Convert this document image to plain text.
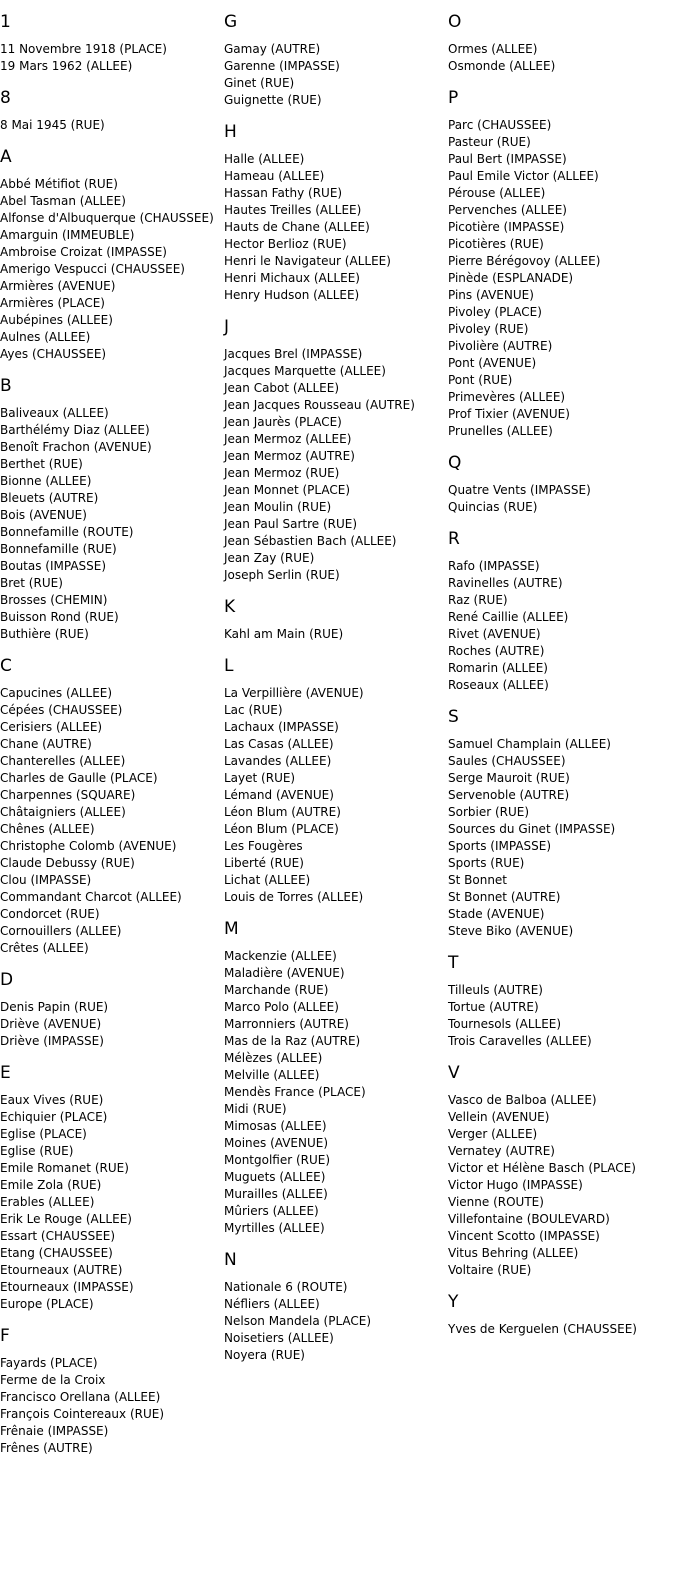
1
11 Novembre 1918 (PLACE)
19 Mars 1962 (ALLEE)
8
8 Mai 1945 (RUE)
A
Abbé Métifiot (RUE)
Abel Tasman (ALLEE)
Alfonse d'Albuquerque (CHAUSSEE)
Amarguin (IMMEUBLE)
Ambroise Croizat (IMPASSE)
Amerigo Vespucci (CHAUSSEE)
Armières (AVENUE)
Armières (PLACE)
Aubépines (ALLEE)
Aulnes (ALLEE)
Ayes (CHAUSSEE)
B
Baliveaux (ALLEE)
Barthélémy Diaz (ALLEE)
Benoît Frachon (AVENUE)
Berthet (RUE)
Bionne (ALLEE)
Bleuets (AUTRE)
Bois (AVENUE)
Bonnefamille (ROUTE)
Bonnefamille (RUE)
Boutas (IMPASSE)
Bret (RUE)
Brosses (CHEMIN)
Buisson Rond (RUE)
Buthière (RUE)
C
Capucines (ALLEE)
Cépées (CHAUSSEE)
Cerisiers (ALLEE)
Chane (AUTRE)
Chanterelles (ALLEE)
Charles de Gaulle (PLACE)
Charpennes (SQUARE)
Châtaigniers (ALLEE)
Chênes (ALLEE)
Christophe Colomb (AVENUE)
Claude Debussy (RUE)
Clou (IMPASSE)
Commandant Charcot (ALLEE)
Condorcet (RUE)
Cornouillers (ALLEE)
Crêtes (ALLEE)
D
Denis Papin (RUE)
Drièvе (AVENUE)
Drièvе (IMPASSE)
E
Eaux Vives (RUE)
Echiquier (PLACE)
Eglise (PLACE)
Eglise (RUE)
Emile Romanet (RUE)
Emile Zola (RUE)
Erables (ALLEE)
Erik Le Rouge (ALLEE)
Essart (CHAUSSEE)
Etang (CHAUSSEE)
Etourneaux (AUTRE)
Etourneaux (IMPASSE)
Europe (PLACE)
F
Fayards (PLACE)
Ferme de la Croix
Francisco Orellana (ALLEE)
François Cointereaux (RUE)
Frênaie (IMPASSE)
Frênes (AUTRE)
G
Gamay (AUTRE)
Garenne (IMPASSE)
Ginet (RUE)
Guignette (RUE)
H
Halle (ALLEE)
Hameau (ALLEE)
Hassan Fathy (RUE)
Hautes Treilles (ALLEE)
Hauts de Chane (ALLEE)
Hector Berlioz (RUE)
Henri le Navigateur (ALLEE)
Henri Michaux (ALLEE)
Henry Hudson (ALLEE)
J
Jacques Brel (IMPASSE)
Jacques Marquette (ALLEE)
Jean Cabot (ALLEE)
Jean Jacques Rousseau (AUTRE)
Jean Jaurès (PLACE)
Jean Mermoz (ALLEE)
Jean Mermoz (AUTRE)
Jean Mermoz (RUE)
Jean Monnet (PLACE)
Jean Moulin (RUE)
Jean Paul Sartre (RUE)
Jean Sébastien Bach (ALLEE)
Jean Zay (RUE)
Joseph Serlin (RUE)
K
Kahl am Main (RUE)
L
La Verpillière (AVENUE)
Lac (RUE)
Lachaux (IMPASSE)
Las Casas (ALLEE)
Lavandes (ALLEE)
Layet (RUE)
Lémand (AVENUE)
Léon Blum (AUTRE)
Léon Blum (PLACE)
Les Fougères
Liberté (RUE)
Lichat (ALLEE)
Louis de Torres (ALLEE)
M
Mackenzie (ALLEE)
Maladière (AVENUE)
Marchande (RUE)
Marco Polo (ALLEE)
Marronniers (AUTRE)
Mas de la Raz (AUTRE)
Mélèzes (ALLEE)
Melville (ALLEE)
Mendès France (PLACE)
Midi (RUE)
Mimosas (ALLEE)
Moines (AVENUE)
Montgolfier (RUE)
Muguets (ALLEE)
Murailles (ALLEE)
Mûriers (ALLEE)
Myrtilles (ALLEE)
N
Nationale 6 (ROUTE)
Néfliers (ALLEE)
Nelson Mandela (PLACE)
Noisetiers (ALLEE)
Noyera (RUE)
O
Ormes (ALLEE)
Osmonde (ALLEE)
P
Parc (CHAUSSEE)
Pasteur (RUE)
Paul Bert (IMPASSE)
Paul Emile Victor (ALLEE)
Pérouse (ALLEE)
Pervenches (ALLEE)
Picotière (IMPASSE)
Picotières (RUE)
Pierre Bérégovoy (ALLEE)
Pinède (ESPLANADE)
Pins (AVENUE)
Pivoley (PLACE)
Pivoley (RUE)
Pivolière (AUTRE)
Pont (AVENUE)
Pont (RUE)
Primevères (ALLEE)
Prof Tixier (AVENUE)
Prunelles (ALLEE)
Q
Quatre Vents (IMPASSE)
Quincias (RUE)
R
Rafo (IMPASSE)
Ravinelles (AUTRE)
Raz (RUE)
René Caillie (ALLEE)
Rivet (AVENUE)
Roches (AUTRE)
Romarin (ALLEE)
Roseaux (ALLEE)
S
Samuel Champlain (ALLEE)
Saules (CHAUSSEE)
Serge Mauroit (RUE)
Servenoble (AUTRE)
Sorbier (RUE)
Sources du Ginet (IMPASSE)
Sports (IMPASSE)
Sports (RUE)
St Bonnet
St Bonnet (AUTRE)
Stade (AVENUE)
Steve Biko (AVENUE)
T
Tilleuls (AUTRE)
Tortue (AUTRE)
Tournesols (ALLEE)
Trois Caravelles (ALLEE)
V
Vasco de Balboa (ALLEE)
Vellein (AVENUE)
Verger (ALLEE)
Vernatey (AUTRE)
Victor et Hélène Basch (PLACE)
Victor Hugo (IMPASSE)
Vienne (ROUTE)
Villefontaine (BOULEVARD)
Vincent Scotto (IMPASSE)
Vitus Behring (ALLEE)
Voltaire (RUE)
Y
Yves de Kerguelen (CHAUSSEE)
